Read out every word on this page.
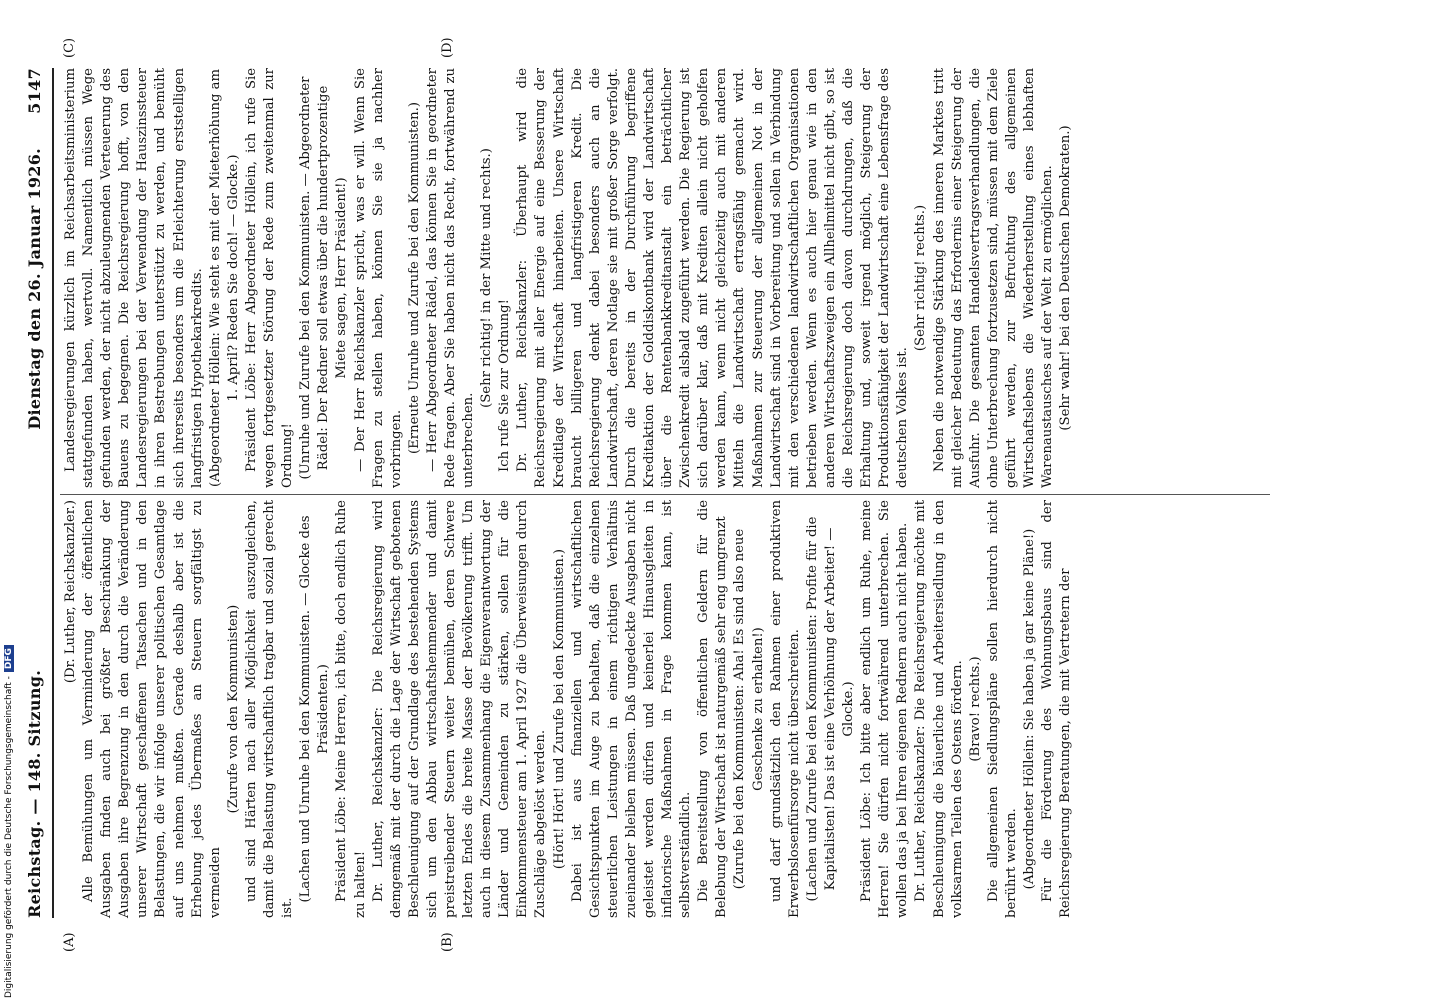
Reichstag. — 148. Sitzung.
Dienstag den 26. Januar 1926.
5147
(A)	(B)
(C)	(D)

(Dr. Luther, Reichskanzler.) Alle Bemühungen um Verminderung der öffentlichen Ausgaben finden auch bei größter Beschränkung der Ausgaben ihre Begrenzung in den durch die Veränderung unserer Wirtschaft geschaffenen Tatsachen und in den Belastungen, die wir infolge unserer politischen Gesamtlage auf uns nehmen mußten. Gerade deshalb aber ist die Erhebung jedes Übermaßes an Steuern sorgfältigst zu vermeiden

(Zurufe von den Kommunisten) und sind Härten nach aller Möglichkeit auszugleichen, damit die Belastung wirtschaftlich tragbar und sozial gerecht ist.

(Lachen und Unruhe bei den Kommunisten. — Glocke des Präsidenten.) Präsident Löbe: Meine Herren, ich bitte, doch endlich Ruhe zu halten! Dr. Luther, Reichskanzler: Die Reichsregierung wird demgemäß mit der durch die Lage der Wirtschaft gebotenen Beschleunigung auf der Grundlage des bestehenden Systems sich um den Abbau wirtschaftshemmender und damit preistreibender Steuern weiter bemühen, deren Schwere letzten Endes die breite Masse der Bevölkerung trifft. Um auch in diesem Zusammenhang die Eigenverantwortung der Länder und Gemeinden zu stärken, sollen für die Einkommensteuer am 1. April 1927 die Überweisungen durch Zuschläge abgelöst werden. (Hört! Hört! und Zurufe bei den Kommunisten.) Dabei ist aus finanziellen und wirtschaftlichen Gesichtspunkten im Auge zu behalten, daß die einzelnen steuerlichen Leistungen in einem richtigen Verhältnis zueinander bleiben müssen. Daß ungedeckte Ausgaben nicht geleistet werden dürfen und keinerlei Hinausgleiten in inflatorische Maßnahmen in Frage kommen kann, ist selbstverständlich. Die Bereitstellung von öffentlichen Geldern für die Belebung der Wirtschaft ist naturgemäß sehr eng umgrenzt (Zurufe bei den Kommunisten: Aha! Es sind also neue Geschenke zu erhalten!) und darf grundsätzlich den Rahmen einer produktiven Erwerbslosenfürsorge nicht überschreiten. (Lachen und Zurufe bei den Kommunisten: Profite für die Kapitalisten! Das ist eine Verhöhnung der Arbeiter! — Glocke.) Präsident Löbe: Ich bitte aber endlich um Ruhe, meine Herren! Sie dürfen nicht fortwährend unterbrechen. Sie wollen das ja bei Ihren eigenen Rednern auch nicht haben. Dr. Luther, Reichskanzler: Die Reichsregierung möchte mit Beschleunigung die bäuerliche und Arbeitersiedlung in den volksarmen Teilen des Ostens fördern. (Bravo! rechts.) Die allgemeinen Siedlungspläne sollen hierdurch nicht berührt werden. (Abgeordneter Höllein: Sie haben ja gar keine Pläne!) Für die Förderung des Wohnungsbaus sind der Reichsregierung Beratungen, die mit Vertretern der

Landesregierungen kürzlich im Reichsarbeitsministerium stattgefunden haben, wertvoll. Namentlich müssen Wege gefunden werden, der nicht abzuleugnenden Verteuerung des Bauens zu begegnen. Die Reichsregierung hofft, von den Landesregierungen bei der Verwendung der Hauszinssteuer in ihren Bestrebungen unterstützt zu werden, und bemüht sich ihrerseits besonders um die Erleichterung erststelligen langfristigen Hypothekarkredits. (Abgeordneter Höllein: Wie steht es mit der Mieterhöhung am 1. April? Reden Sie doch! — Glocke.) Präsident Löbe: Herr Abgeordneter Höllein, ich rufe Sie wegen fortgesetzter Störung der Rede zum zweitenmal zur Ordnung! (Unruhe und Zurufe bei den Kommunisten. — Abgeordneter Rädel: Der Redner soll etwas über die hundertprozentige Miete sagen, Herr Präsident!) — Der Herr Reichskanzler spricht, was er will. Wenn Sie Fragen zu stellen haben, können Sie sie ja nachher vorbringen. (Erneute Unruhe und Zurufe bei den Kommunisten.) — Herr Abgeordneter Rädel, das können Sie in geordneter Rede fragen. Aber Sie haben nicht das Recht, fortwährend zu unterbrechen.

(Sehr richtig! in der Mitte und rechts.) Ich rufe Sie zur Ordnung! Dr. Luther, Reichskanzler: Überhaupt wird die Reichsregierung mit aller Energie auf eine Besserung der Kreditlage der Wirtschaft hinarbeiten. Unsere Wirtschaft braucht billigeren und langfristigeren Kredit. Die Reichsregierung denkt dabei besonders auch an die Landwirtschaft, deren Notlage sie mit großer Sorge verfolgt. Durch die bereits in der Durchführung begriffene Kreditaktion der Golddiskontbank wird der Landwirtschaft über die Rentenbankkreditanstalt ein beträchtlicher Zwischenkredit alsbald zugeführt werden. Die Regierung ist sich darüber klar, daß mit Krediten allein nicht geholfen werden kann, wenn nicht gleichzeitig auch mit anderen Mitteln die Landwirtschaft ertragsfähig gemacht wird. Maßnahmen zur Steuerung der allgemeinen Not in der Landwirtschaft sind in Vorbereitung und sollen in Verbindung mit den verschiedenen landwirtschaftlichen Organisationen betrieben werden. Wenn es auch hier genau wie in den anderen Wirtschaftszweigen ein Allheilmittel nicht gibt, so ist die Reichsregierung doch davon durchdrungen, daß die Erhaltung und, soweit irgend möglich, Steigerung der Produktionsfähigkeit der Landwirtschaft eine Lebensfrage des deutschen Volkes ist.

(Sehr richtig! rechts.) Neben die notwendige Stärkung des inneren Marktes tritt mit gleicher Bedeutung das Erfordernis einer Steigerung der Ausfuhr. Die gesamten Handelsvertragsverhandlungen, die ohne Unterbrechung fortzusetzen sind, müssen mit dem Ziele geführt werden, zur Befruchtung des allgemeinen Wirtschaftslebens die Wiederherstellung eines lebhaften Warenaustausches auf der Welt zu ermöglichen. (Sehr wahr! bei den Deutschen Demokraten.)

Digitalisierung gefördert durch die Deutsche Forschungsgemeinschaft -DFG
